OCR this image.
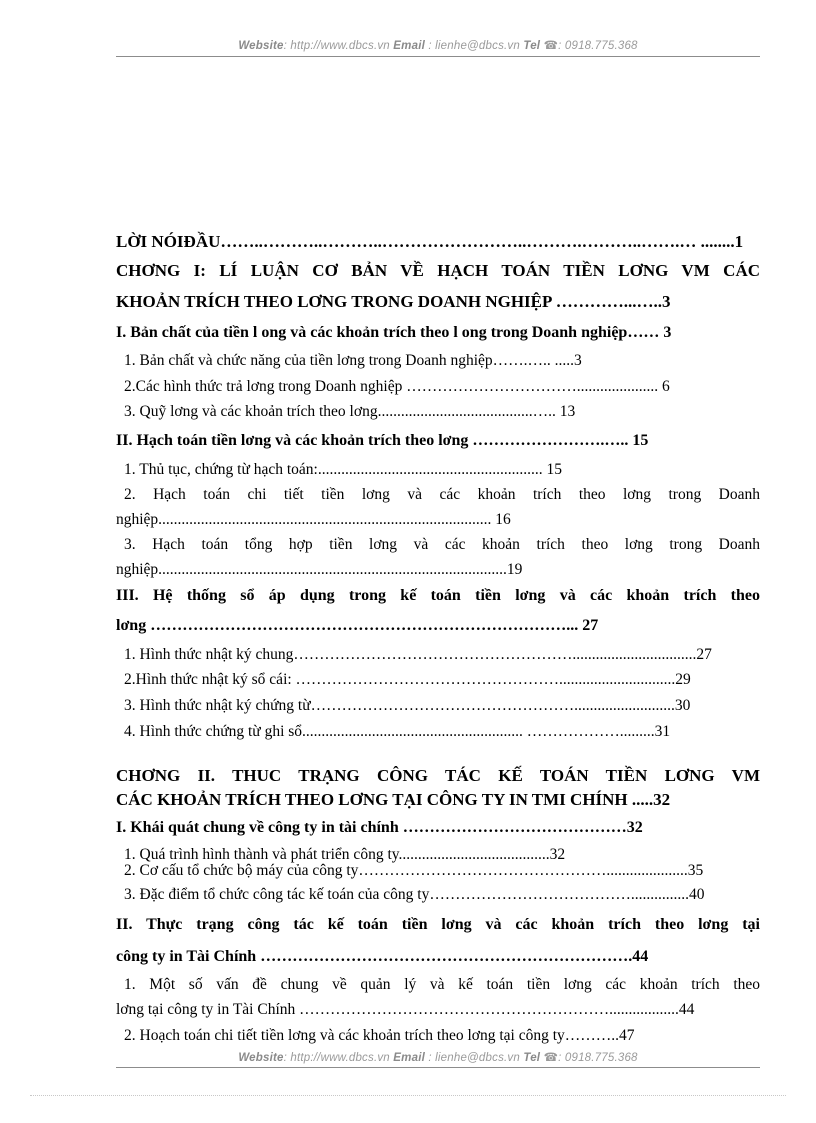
Website: http://www.dbcs.vn Email : lienhe@dbcs.vn Tel ☎: 0918.775.368
LỜI NÓIĐẦU……..………..………..……………………..……….………..…….… ........1
CHƠNG I: LÍ LUẬN CƠ BẢN VỀ HẠCH TOÁN TIỀN LƠNG VM CÁC
KHOẢN TRÍCH THEO LƠNG TRONG DOANH NGHIỆP …………...…..3
I. Bản chất của tiền l ong và các khoản trích theo l ong trong Doanh nghiệp…… 3
1. Bản chất và chức năng của tiền lơng trong Doanh nghiệp…….….. .....3
2.Các hình thức trả lơng trong Doanh nghiệp ……………………………..................... 6
3. Quỹ lơng và các khoản trích theo lơng........................................….. 13
II. Hạch toán tiền lơng và các khoản trích theo lơng …………………….….. 15
1. Thủ tục, chứng từ hạch toán:.......................................................... 15
2. Hạch toán chi tiết tiền lơng và các khoản trích theo lơng trong Doanh
nghiệp...................................................................................... 16
3. Hạch toán tổng hợp tiền lơng và các khoản trích theo lơng trong Doanh
nghiệp..........................................................................................19
III. Hệ thống sổ áp dụng trong kế toán tiền lơng và các khoản trích theo
lơng ……………………………………………………………………... 27
1. Hình thức nhật ký chung………………………………………………................................27
2.Hình thức nhật ký sổ cái: ……………………………………………..............................29
3. Hình thức nhật ký chứng từ……………………………………………..........................30
4. Hình thức chứng từ ghi sổ......................................................... ……………….........31
CHƠNG II. THUC TRẠNG CÔNG TÁC KẾ TOÁN TIỀN LƠNG VM
CÁC KHOẢN TRÍCH THEO LƠNG TẠI CÔNG TY IN TMI CHÍNH .....32
I. Khái quát chung về công ty in tài chính ……………………………………32
1. Quá trình hình thành và phát triển công ty.......................................32
2. Cơ cấu tổ chức bộ máy của công ty………………………………………….....................35
3. Đặc điểm tổ chức công tác kế toán của công ty…………………………………...............40
II. Thực trạng công tác kế toán tiền lơng và các khoản trích theo lơng tại
công ty in Tài Chính …………………………………………………………….44
1. Một số vấn đề chung về quản lý và kế toán tiền lơng các khoản trích theo
lơng tại công ty in Tài Chính ……………………………………………………..................44
2. Hoạch toán chi tiết tiền lơng và các khoản trích theo lơng tại công ty………..47
Website: http://www.dbcs.vn Email : lienhe@dbcs.vn Tel ☎: 0918.775.368
